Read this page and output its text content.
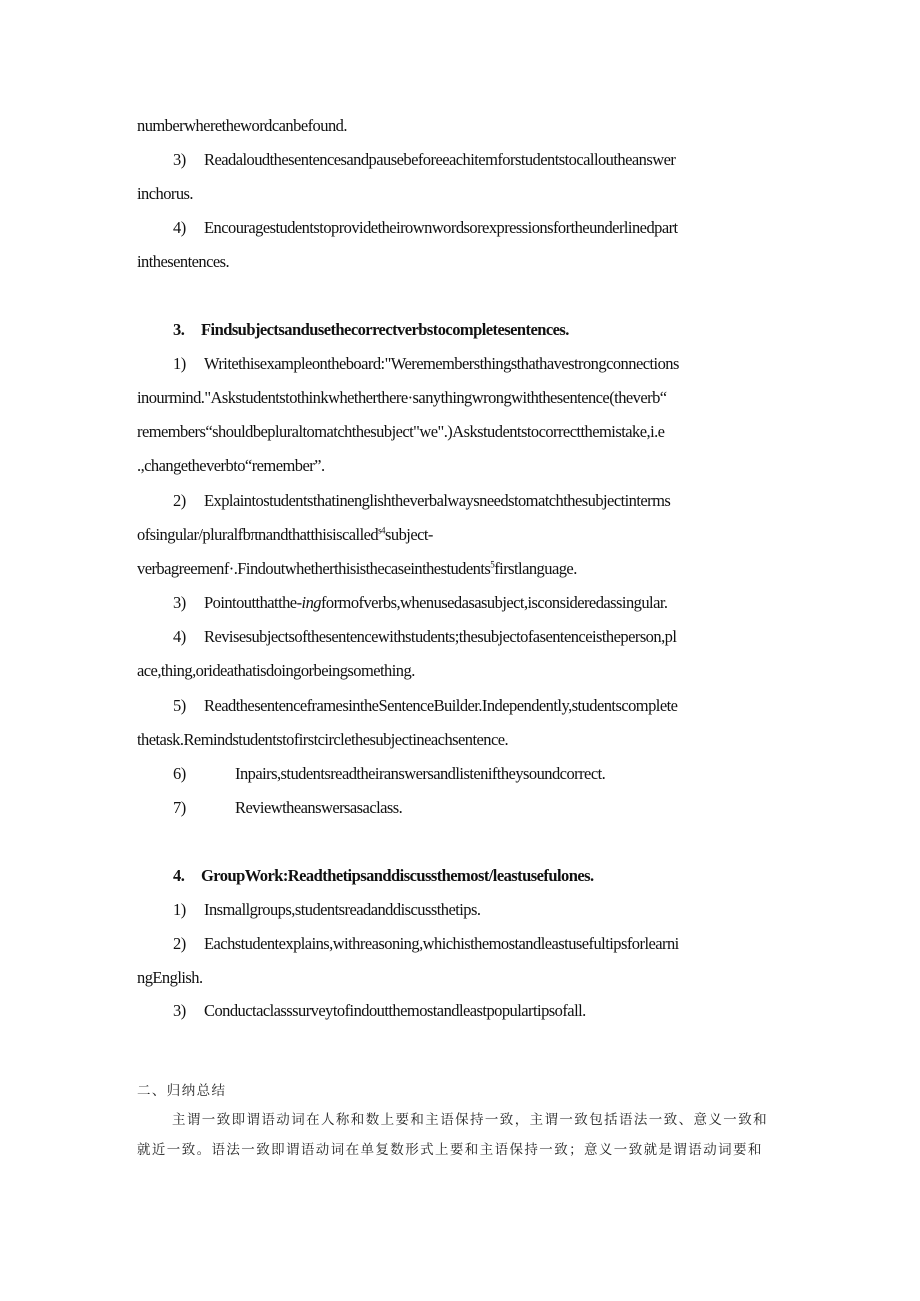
numberwherethewordcanbefound.
3) Readaloudthesentencesandpausebeforeeachitemforstudentstocalloutheanswer
inchorus.
4) Encouragestudentstoprovidetheirownwordsorexpressionsfortheunderlinedpart
inthesentences.
3. Findsubjectsandusethecorrectverbstocompletesentences.
1) Writethisexampleontheboard:"Weremembersthingsthathavestrongconnections
inourmind."Askstudentstothinkwhetherthere·sanythingwrongwiththesentence(theverb“
remembers“shouldbepluraltomatchthesubject"we".)Askstudentstocorrectthemistake,i.e
.,changetheverbto“remember”.
2) Explaintostudentsthatinenglishtheverbalwaysneedstomatchthesubjectinterms
ofsingular/pluralfbπnandthatthisiscalled$^{s4}$subject-
verbagreemenf·.Findoutwhetherthisisthecaseinthestudents$^5$firstlanguage.
3) Pointoutthatthe-ingformofverbs,whenusedasasubject,isconsideredassingular.
4) Revisesubjectsofthesentencewithstudents;thesubjectofasentenceistheperson,pl
ace,thing,orideathatisdoingorbeingsomething.
5) ReadthesentenceframesintheSentenceBuilder.Independently,studentscomplete
thetask.Remindstudentstofirstcirclethesubjectineachsentence.
6)	Inpairs,studentsreadtheiranswersandlisteniftheysoundcorrect.
7)	Reviewtheanswersasaclass.
4. GroupWork:Readthetipsanddiscussthemost/leastusefulones.
1) Insmallgroups,studentsreadanddiscussthetips.
2) Eachstudentexplains,withreasoning,whichisthemostandleastusefultipsforlearni
ngEnglish.
3) Conductaclasssurveytofindoutthemostandleastpopulartipsofall.
二、归纳总结
主谓一致即谓语动词在人称和数上要和主语保持一致，主谓一致包括语法一致、意义一致和
就近一致。语法一致即谓语动词在单复数形式上要和主语保持一致；意义一致就是谓语动词要和
